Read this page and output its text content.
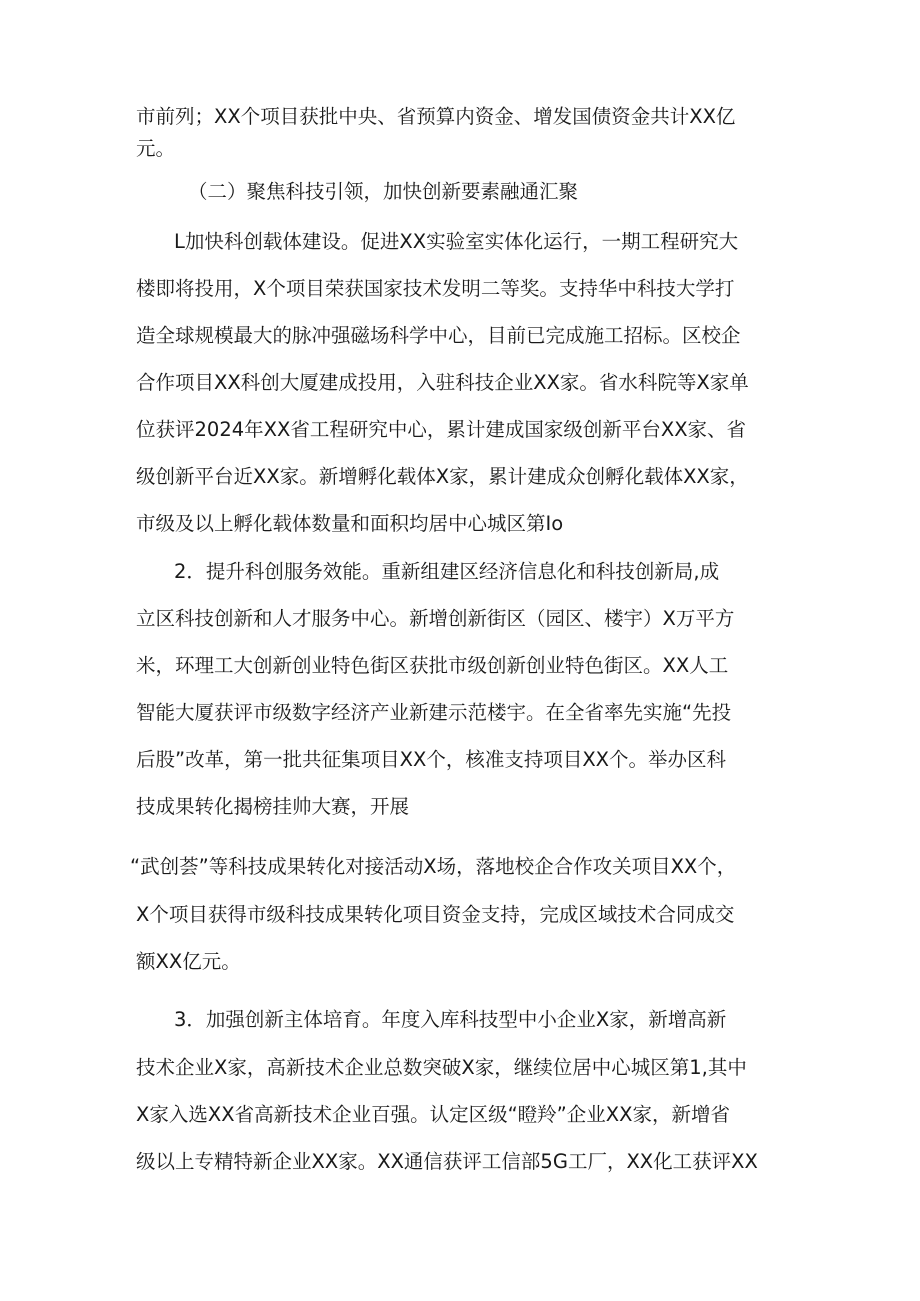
市前列；XX个项目获批中央、省预算内资金、增发国债资金共计XX亿
元。
（二）聚焦科技引领，加快创新要素融通汇聚
L加快科创载体建设。促进XX实验室实体化运行，一期工程研究大
楼即将投用，X个项目荣获国家技术发明二等奖。支持华中科技大学打
造全球规模最大的脉冲强磁场科学中心，目前已完成施工招标。区校企
合作项目XX科创大厦建成投用，入驻科技企业XX家。省水科院等X家单
位获评2024年XX省工程研究中心，累计建成国家级创新平台XX家、省
级创新平台近XX家。新增孵化载体X家，累计建成众创孵化载体XX家，
市级及以上孵化载体数量和面积均居中心城区第Io
2．提升科创服务效能。重新组建区经济信息化和科技创新局,成
立区科技创新和人才服务中心。新增创新街区（园区、楼宇）X万平方
米，环理工大创新创业特色街区获批市级创新创业特色街区。XX人工
智能大厦获评市级数字经济产业新建示范楼宇。在全省率先实施“先投
后股”改革，第一批共征集项目XX个，核准支持项目XX个。举办区科
技成果转化揭榜挂帅大赛，开展
“武创荟”等科技成果转化对接活动X场，落地校企合作攻关项目XX个，
X个项目获得市级科技成果转化项目资金支持，完成区域技术合同成交
额XX亿元。
3．加强创新主体培育。年度入库科技型中小企业X家，新增高新
技术企业X家，高新技术企业总数突破X家，继续位居中心城区第1,其中
X家入选XX省高新技术企业百强。认定区级“瞪羚”企业XX家，新增省
级以上专精特新企业XX家。XX通信获评工信部5G工厂，XX化工获评XX
